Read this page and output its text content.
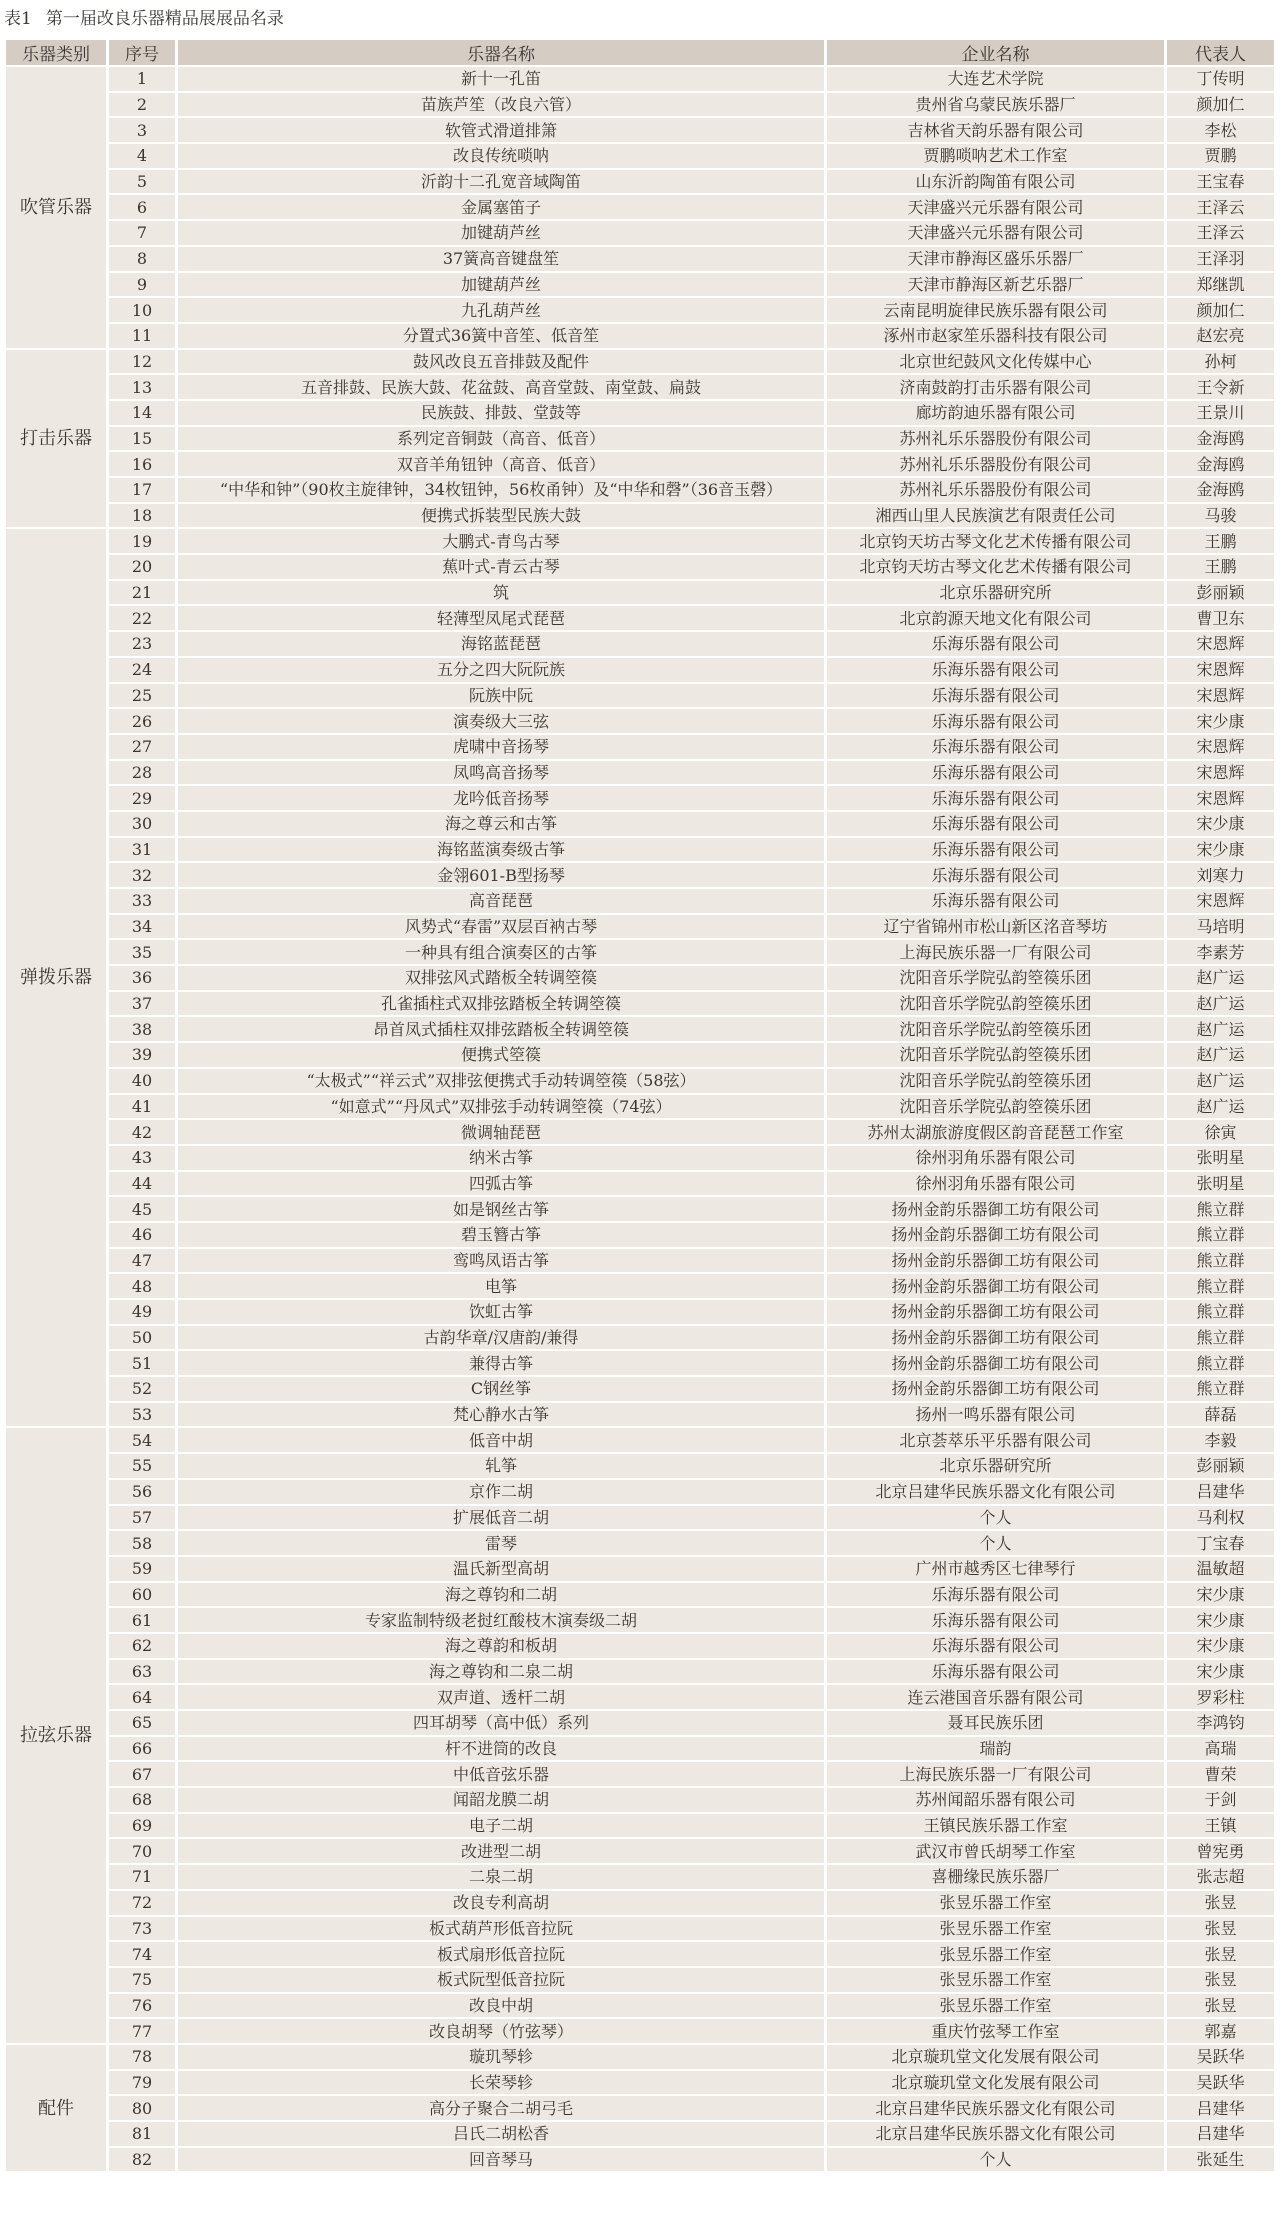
表1 第一届改良乐器精品展展品名录
乐器类别	序号	乐器名称	企业名称	代表人
吹管乐器	1	新十一孔笛	大连艺术学院	丁传明
	2	苗族芦笙（改良六管）	贵州省乌蒙民族乐器厂	颜加仁
	3	软管式滑道排箫	吉林省天韵乐器有限公司	李松
	4	改良传统唢呐	贾鹏唢呐艺术工作室	贾鹏
	5	沂韵十二孔宽音域陶笛	山东沂韵陶笛有限公司	王宝春
	6	金属塞笛子	天津盛兴元乐器有限公司	王泽云
	7	加键葫芦丝	天津盛兴元乐器有限公司	王泽云
	8	37簧高音键盘笙	天津市静海区盛乐乐器厂	王泽羽
	9	加键葫芦丝	天津市静海区新艺乐器厂	郑继凯
	10	九孔葫芦丝	云南昆明旋律民族乐器有限公司	颜加仁
	11	分置式36簧中音笙、低音笙	涿州市赵家笙乐器科技有限公司	赵宏亮
打击乐器	12	鼓风改良五音排鼓及配件	北京世纪鼓风文化传媒中心	孙柯
	13	五音排鼓、民族大鼓、花盆鼓、高音堂鼓、南堂鼓、扁鼓	济南鼓韵打击乐器有限公司	王令新
	14	民族鼓、排鼓、堂鼓等	廊坊韵迪乐器有限公司	王景川
	15	系列定音铜鼓（高音、低音）	苏州礼乐乐器股份有限公司	金海鸥
	16	双音羊角钮钟（高音、低音）	苏州礼乐乐器股份有限公司	金海鸥
	17	“中华和钟”（90枚主旋律钟，34枚钮钟，56枚甬钟）及“中华和磬”（36音玉磬）	苏州礼乐乐器股份有限公司	金海鸥
	18	便携式拆装型民族大鼓	湘西山里人民族演艺有限责任公司	马骏
弹拨乐器	19	大鹏式-青鸟古琴	北京钧天坊古琴文化艺术传播有限公司	王鹏
	20	蕉叶式-青云古琴	北京钧天坊古琴文化艺术传播有限公司	王鹏
	21	筑	北京乐器研究所	彭丽颖
	22	轻薄型凤尾式琵琶	北京韵源天地文化有限公司	曹卫东
	23	海铭蓝琵琶	乐海乐器有限公司	宋恩辉
	24	五分之四大阮阮族	乐海乐器有限公司	宋恩辉
	25	阮族中阮	乐海乐器有限公司	宋恩辉
	26	演奏级大三弦	乐海乐器有限公司	宋少康
	27	虎啸中音扬琴	乐海乐器有限公司	宋恩辉
	28	凤鸣高音扬琴	乐海乐器有限公司	宋恩辉
	29	龙吟低音扬琴	乐海乐器有限公司	宋恩辉
	30	海之尊云和古筝	乐海乐器有限公司	宋少康
	31	海铭蓝演奏级古筝	乐海乐器有限公司	宋少康
	32	金翎601-B型扬琴	乐海乐器有限公司	刘寒力
	33	高音琵琶	乐海乐器有限公司	宋恩辉
	34	风势式“春雷”双层百衲古琴	辽宁省锦州市松山新区洺音琴坊	马培明
	35	一种具有组合演奏区的古筝	上海民族乐器一厂有限公司	李素芳
	36	双排弦风式踏板全转调箜篌	沈阳音乐学院弘韵箜篌乐团	赵广运
	37	孔雀插柱式双排弦踏板全转调箜篌	沈阳音乐学院弘韵箜篌乐团	赵广运
	38	昂首凤式插柱双排弦踏板全转调箜篌	沈阳音乐学院弘韵箜篌乐团	赵广运
	39	便携式箜篌	沈阳音乐学院弘韵箜篌乐团	赵广运
	40	“太极式”“祥云式”双排弦便携式手动转调箜篌（58弦）	沈阳音乐学院弘韵箜篌乐团	赵广运
	41	“如意式”“丹凤式”双排弦手动转调箜篌（74弦）	沈阳音乐学院弘韵箜篌乐团	赵广运
	42	微调轴琵琶	苏州太湖旅游度假区韵音琵琶工作室	徐寅
	43	纳米古筝	徐州羽角乐器有限公司	张明星
	44	四弧古筝	徐州羽角乐器有限公司	张明星
	45	如是钢丝古筝	扬州金韵乐器御工坊有限公司	熊立群
	46	碧玉簪古筝	扬州金韵乐器御工坊有限公司	熊立群
	47	鸾鸣凤语古筝	扬州金韵乐器御工坊有限公司	熊立群
	48	电筝	扬州金韵乐器御工坊有限公司	熊立群
	49	饮虹古筝	扬州金韵乐器御工坊有限公司	熊立群
	50	古韵华章/汉唐韵/兼得	扬州金韵乐器御工坊有限公司	熊立群
	51	兼得古筝	扬州金韵乐器御工坊有限公司	熊立群
	52	C钢丝筝	扬州金韵乐器御工坊有限公司	熊立群
	53	梵心静水古筝	扬州一鸣乐器有限公司	薛磊
拉弦乐器	54	低音中胡	北京荟萃乐平乐器有限公司	李毅
	55	轧筝	北京乐器研究所	彭丽颖
	56	京作二胡	北京吕建华民族乐器文化有限公司	吕建华
	57	扩展低音二胡	个人	马利权
	58	雷琴	个人	丁宝春
	59	温氏新型高胡	广州市越秀区七律琴行	温敏超
	60	海之尊钧和二胡	乐海乐器有限公司	宋少康
	61	专家监制特级老挝红酸枝木演奏级二胡	乐海乐器有限公司	宋少康
	62	海之尊韵和板胡	乐海乐器有限公司	宋少康
	63	海之尊钧和二泉二胡	乐海乐器有限公司	宋少康
	64	双声道、透杆二胡	连云港国音乐器有限公司	罗彩柱
	65	四耳胡琴（高中低）系列	聂耳民族乐团	李鸿钧
	66	杆不进筒的改良	瑞韵	高瑞
	67	中低音弦乐器	上海民族乐器一厂有限公司	曹荣
	68	闻韶龙膜二胡	苏州闻韶乐器有限公司	于剑
	69	电子二胡	王镇民族乐器工作室	王镇
	70	改进型二胡	武汉市曾氏胡琴工作室	曾宪勇
	71	二泉二胡	喜栅缘民族乐器厂	张志超
	72	改良专利高胡	张昱乐器工作室	张昱
	73	板式葫芦形低音拉阮	张昱乐器工作室	张昱
	74	板式扇形低音拉阮	张昱乐器工作室	张昱
	75	板式阮型低音拉阮	张昱乐器工作室	张昱
	76	改良中胡	张昱乐器工作室	张昱
	77	改良胡琴（竹弦琴）	重庆竹弦琴工作室	郭嘉
配件	78	璇玑琴轸	北京璇玑堂文化发展有限公司	吴跃华
	79	长荣琴轸	北京璇玑堂文化发展有限公司	吴跃华
	80	高分子聚合二胡弓毛	北京吕建华民族乐器文化有限公司	吕建华
	81	吕氏二胡松香	北京吕建华民族乐器文化有限公司	吕建华
	82	回音琴马	个人	张延生
